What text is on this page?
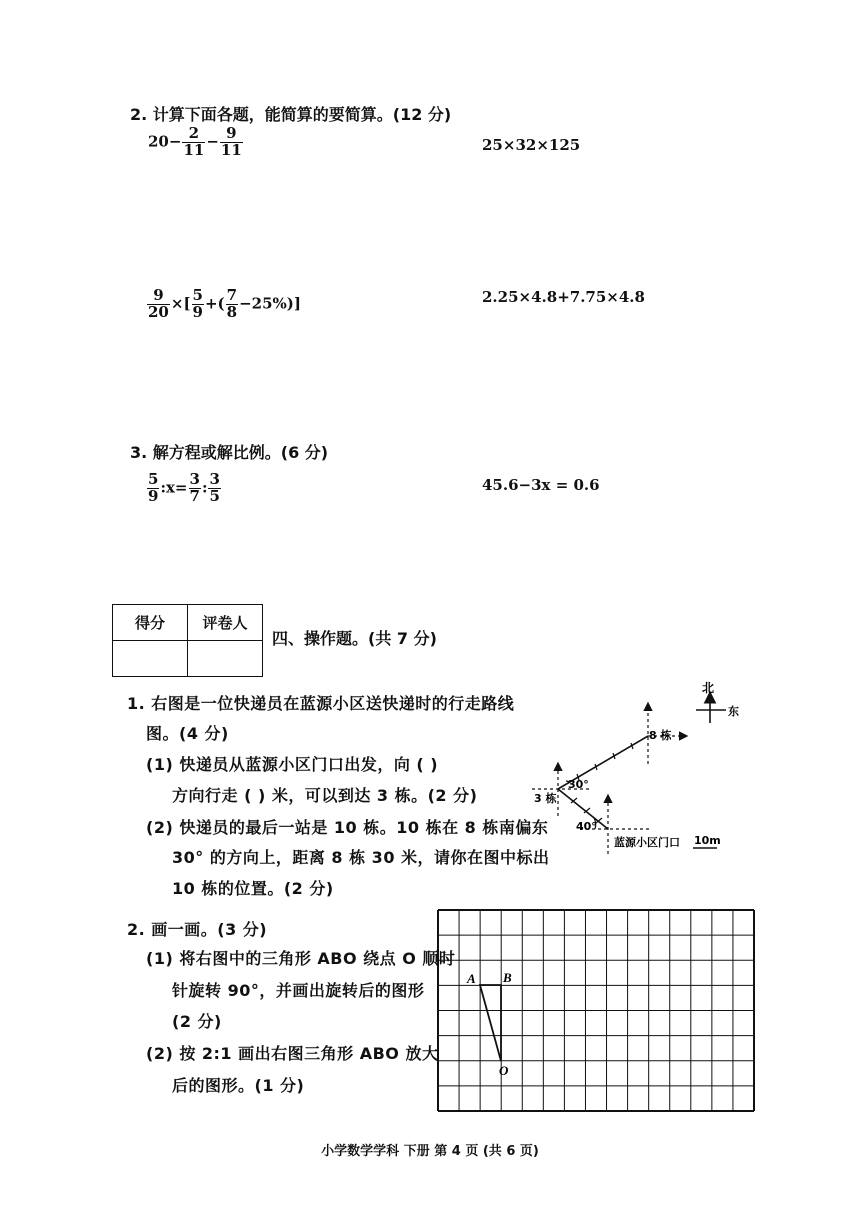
2. 计算下面各题，能简算的要简算。(12 分)
$20- \frac{2}{11} - \frac{9}{11}$	25×32×125
$\frac{9}{20}$ ×[ $\frac{5}{9}$ +( $\frac{7}{8} -25\%$)]	2.25×4.8+7.75×4.8
3. 解方程或解比例。(6 分)
$\frac{5}{9}$ :x= $\frac{3}{7}$ : $\frac{3}{5}$	45.6−3x = 0.6
得分	评卷人

四、操作题。(共 7 分)
1. 右图是一位快递员在蓝源小区送快递时的行走路线
图。(4 分)
(1) 快递员从蓝源小区门口出发，向 ( )
方向行走 ( ) 米，可以到达 3 栋。(2 分)
(2) 快递员的最后一站是 10 栋。10 栋在 8 栋南偏东
30° 的方向上，距离 8 栋 30 米，请你在图中标出
10 栋的位置。(2 分)
北
东
8 栋
3 栋
蓝源小区门口
30°
40°
10m
2. 画一画。(3 分)
(1) 将右图中的三角形 ABO 绕点 O 顺时
针旋转 90°，并画出旋转后的图形
(2 分)
(2) 按 2:1 画出右图三角形 ABO 放大
后的图形。(1 分)
A B
O
小学数学学科 下册 第 4 页 (共 6 页)
